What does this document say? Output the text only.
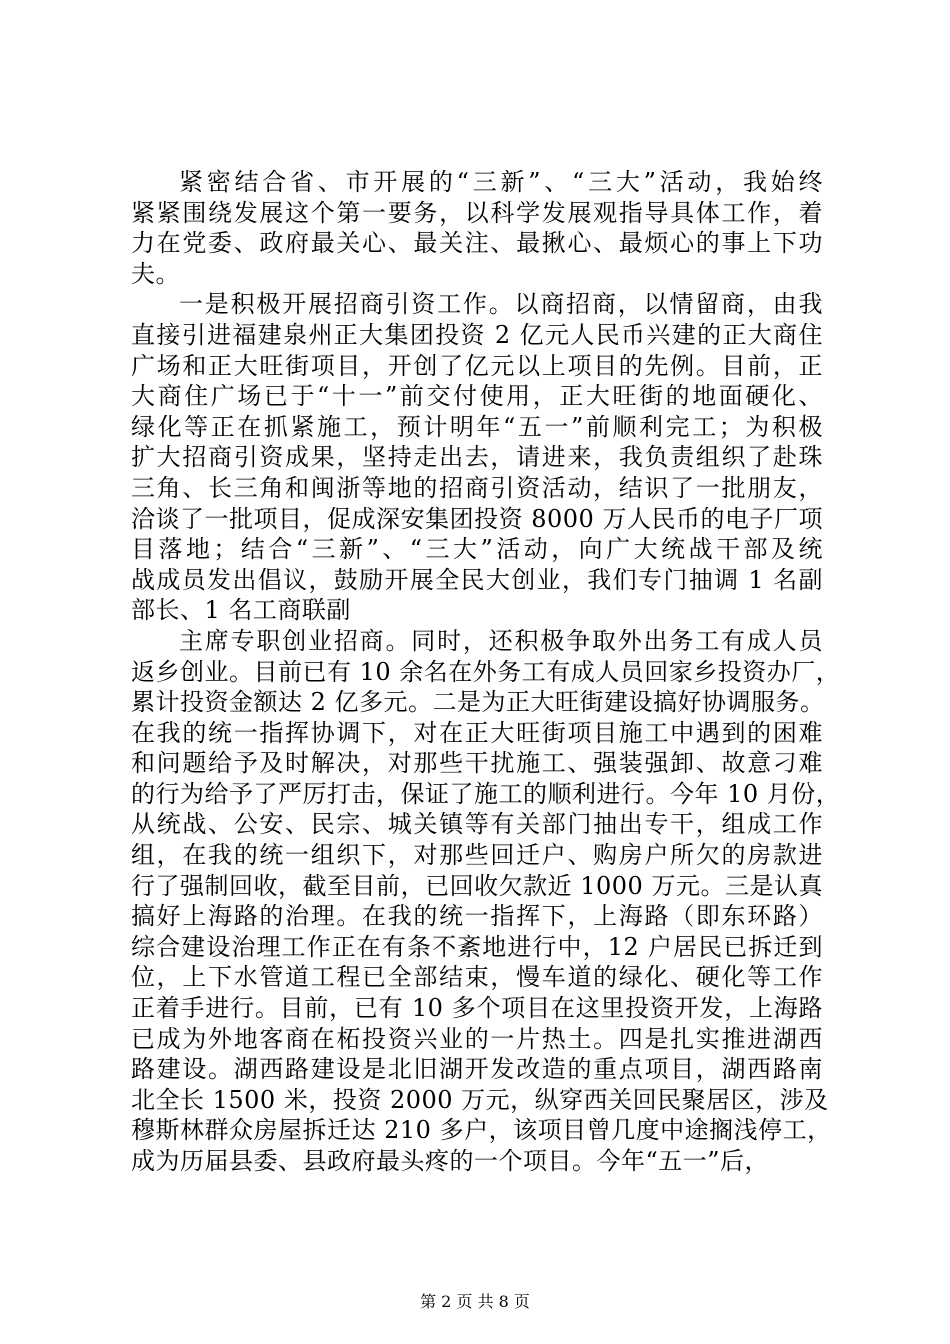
紧密结合省、市开展的“三新”、“三大”活动，我始终
紧紧围绕发展这个第一要务，以科学发展观指导具体工作，着
力在党委、政府最关心、最关注、最揪心、最烦心的事上下功
夫。
一是积极开展招商引资工作。以商招商，以情留商，由我
直接引进福建泉州正大集团投资 2 亿元人民币兴建的正大商住
广场和正大旺街项目，开创了亿元以上项目的先例。目前，正
大商住广场已于“十一”前交付使用，正大旺街的地面硬化、
绿化等正在抓紧施工，预计明年“五一”前顺利完工；为积极
扩大招商引资成果，坚持走出去，请进来，我负责组织了赴珠
三角、长三角和闽浙等地的招商引资活动，结识了一批朋友，
洽谈了一批项目，促成深安集团投资 8000 万人民币的电子厂项
目落地；结合“三新”、“三大”活动，向广大统战干部及统
战成员发出倡议，鼓励开展全民大创业，我们专门抽调 1 名副
部长、1 名工商联副
主席专职创业招商。同时，还积极争取外出务工有成人员
返乡创业。目前已有 10 余名在外务工有成人员回家乡投资办厂，
累计投资金额达 2 亿多元。二是为正大旺街建设搞好协调服务。
在我的统一指挥协调下，对在正大旺街项目施工中遇到的困难
和问题给予及时解决，对那些干扰施工、强装强卸、故意刁难
的行为给予了严厉打击，保证了施工的顺利进行。今年 10 月份，
从统战、公安、民宗、城关镇等有关部门抽出专干，组成工作
组，在我的统一组织下，对那些回迁户、购房户所欠的房款进
行了强制回收，截至目前，已回收欠款近 1000 万元。三是认真
搞好上海路的治理。在我的统一指挥下，上海路（即东环路）
综合建设治理工作正在有条不紊地进行中，12 户居民已拆迁到
位，上下水管道工程已全部结束，慢车道的绿化、硬化等工作
正着手进行。目前，已有 10 多个项目在这里投资开发，上海路
已成为外地客商在柘投资兴业的一片热土。四是扎实推进湖西
路建设。湖西路建设是北旧湖开发改造的重点项目，湖西路南
北全长 1500 米，投资 2000 万元，纵穿西关回民聚居区，涉及
穆斯林群众房屋拆迁达 210 多户，该项目曾几度中途搁浅停工，
成为历届县委、县政府最头疼的一个项目。今年“五一”后，
第 2 页 共 8 页
